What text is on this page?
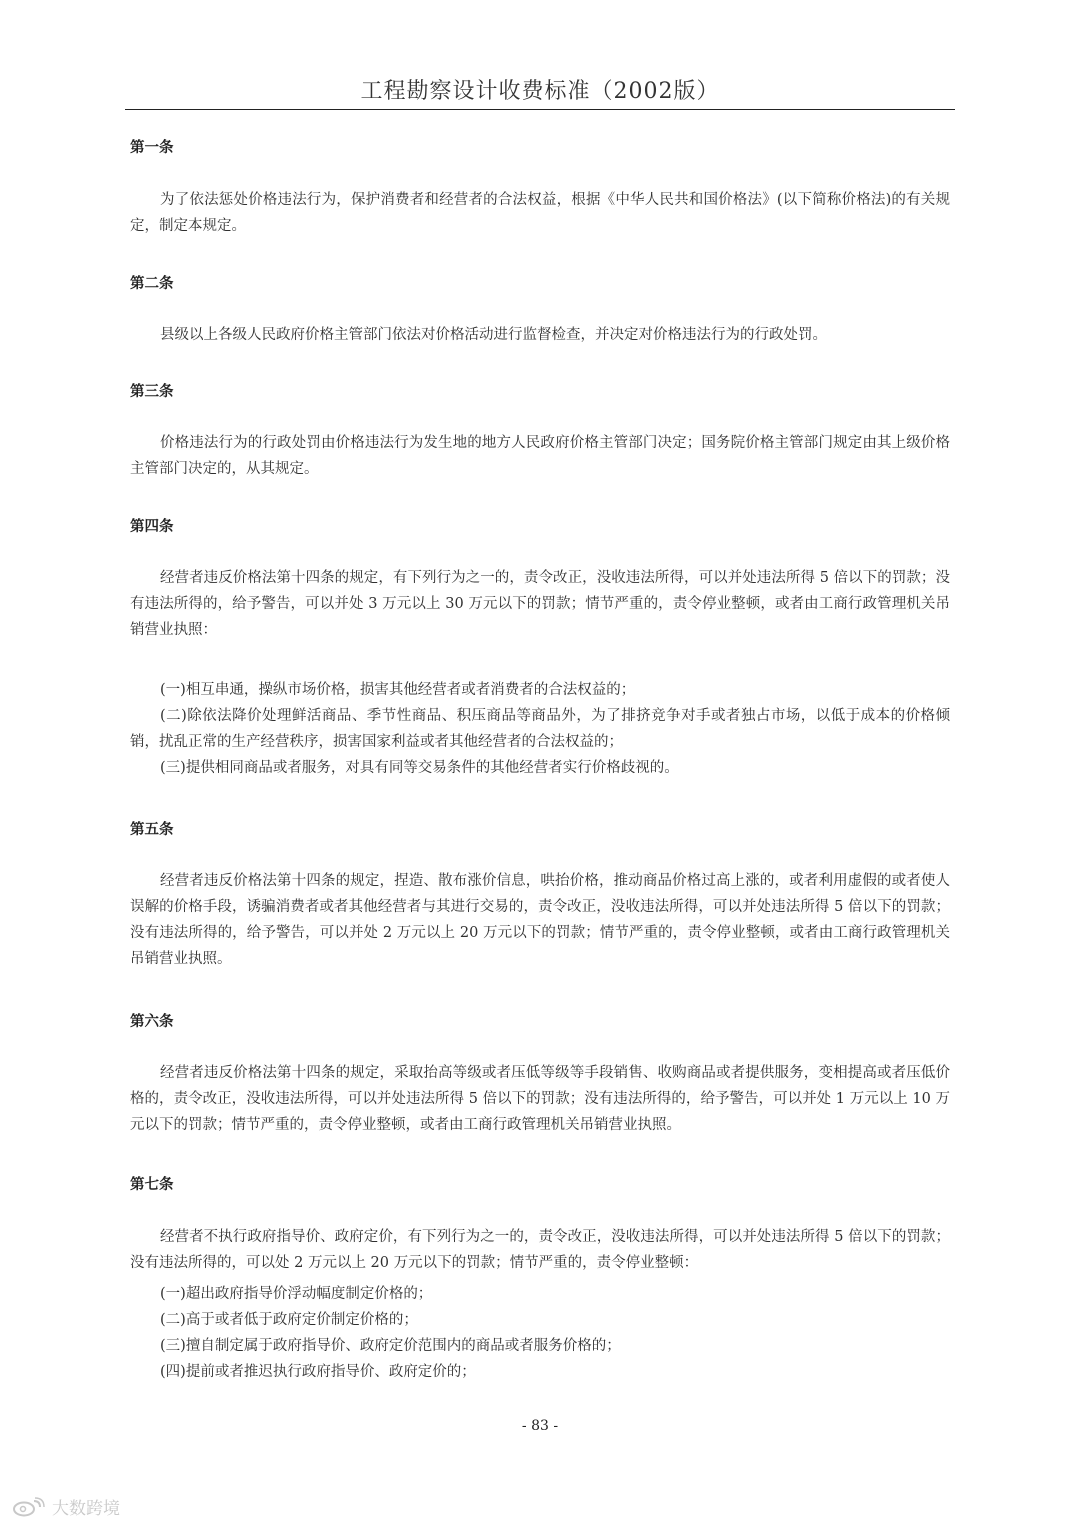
工程勘察设计收费标准（2002版）
第一条
为了依法惩处价格违法行为，保护消费者和经营者的合法权益，根据《中华人民共和国价格法》(以下简称价格法)的有关规定，制定本规定。
第二条
县级以上各级人民政府价格主管部门依法对价格活动进行监督检查，并决定对价格违法行为的行政处罚。
第三条
价格违法行为的行政处罚由价格违法行为发生地的地方人民政府价格主管部门决定；国务院价格主管部门规定由其上级价格主管部门决定的，从其规定。
第四条
经营者违反价格法第十四条的规定，有下列行为之一的，责令改正，没收违法所得，可以并处违法所得 5 倍以下的罚款；没有违法所得的，给予警告，可以并处 3 万元以上 30 万元以下的罚款；情节严重的，责令停业整顿，或者由工商行政管理机关吊销营业执照：
(一)相互串通，操纵市场价格，损害其他经营者或者消费者的合法权益的；
(二)除依法降价处理鲜活商品、季节性商品、积压商品等商品外，为了排挤竞争对手或者独占市场，以低于成本的价格倾销，扰乱正常的生产经营秩序，损害国家利益或者其他经营者的合法权益的；
(三)提供相同商品或者服务，对具有同等交易条件的其他经营者实行价格歧视的。
第五条
经营者违反价格法第十四条的规定，捏造、散布涨价信息，哄抬价格，推动商品价格过高上涨的，或者利用虚假的或者使人误解的价格手段，诱骗消费者或者其他经营者与其进行交易的，责令改正，没收违法所得，可以并处违法所得 5 倍以下的罚款；没有违法所得的，给予警告，可以并处 2 万元以上 20 万元以下的罚款；情节严重的，责令停业整顿，或者由工商行政管理机关吊销营业执照。
第六条
经营者违反价格法第十四条的规定，采取抬高等级或者压低等级等手段销售、收购商品或者提供服务，变相提高或者压低价格的，责令改正，没收违法所得，可以并处违法所得 5 倍以下的罚款；没有违法所得的，给予警告，可以并处 1 万元以上 10 万元以下的罚款；情节严重的，责令停业整顿，或者由工商行政管理机关吊销营业执照。
第七条
经营者不执行政府指导价、政府定价，有下列行为之一的，责令改正，没收违法所得，可以并处违法所得 5 倍以下的罚款；没有违法所得的，可以处 2 万元以上 20 万元以下的罚款；情节严重的，责令停业整顿：
(一)超出政府指导价浮动幅度制定价格的；
(二)高于或者低于政府定价制定价格的；
(三)擅自制定属于政府指导价、政府定价范围内的商品或者服务价格的；
(四)提前或者推迟执行政府指导价、政府定价的；
- 83 -
大数跨境
